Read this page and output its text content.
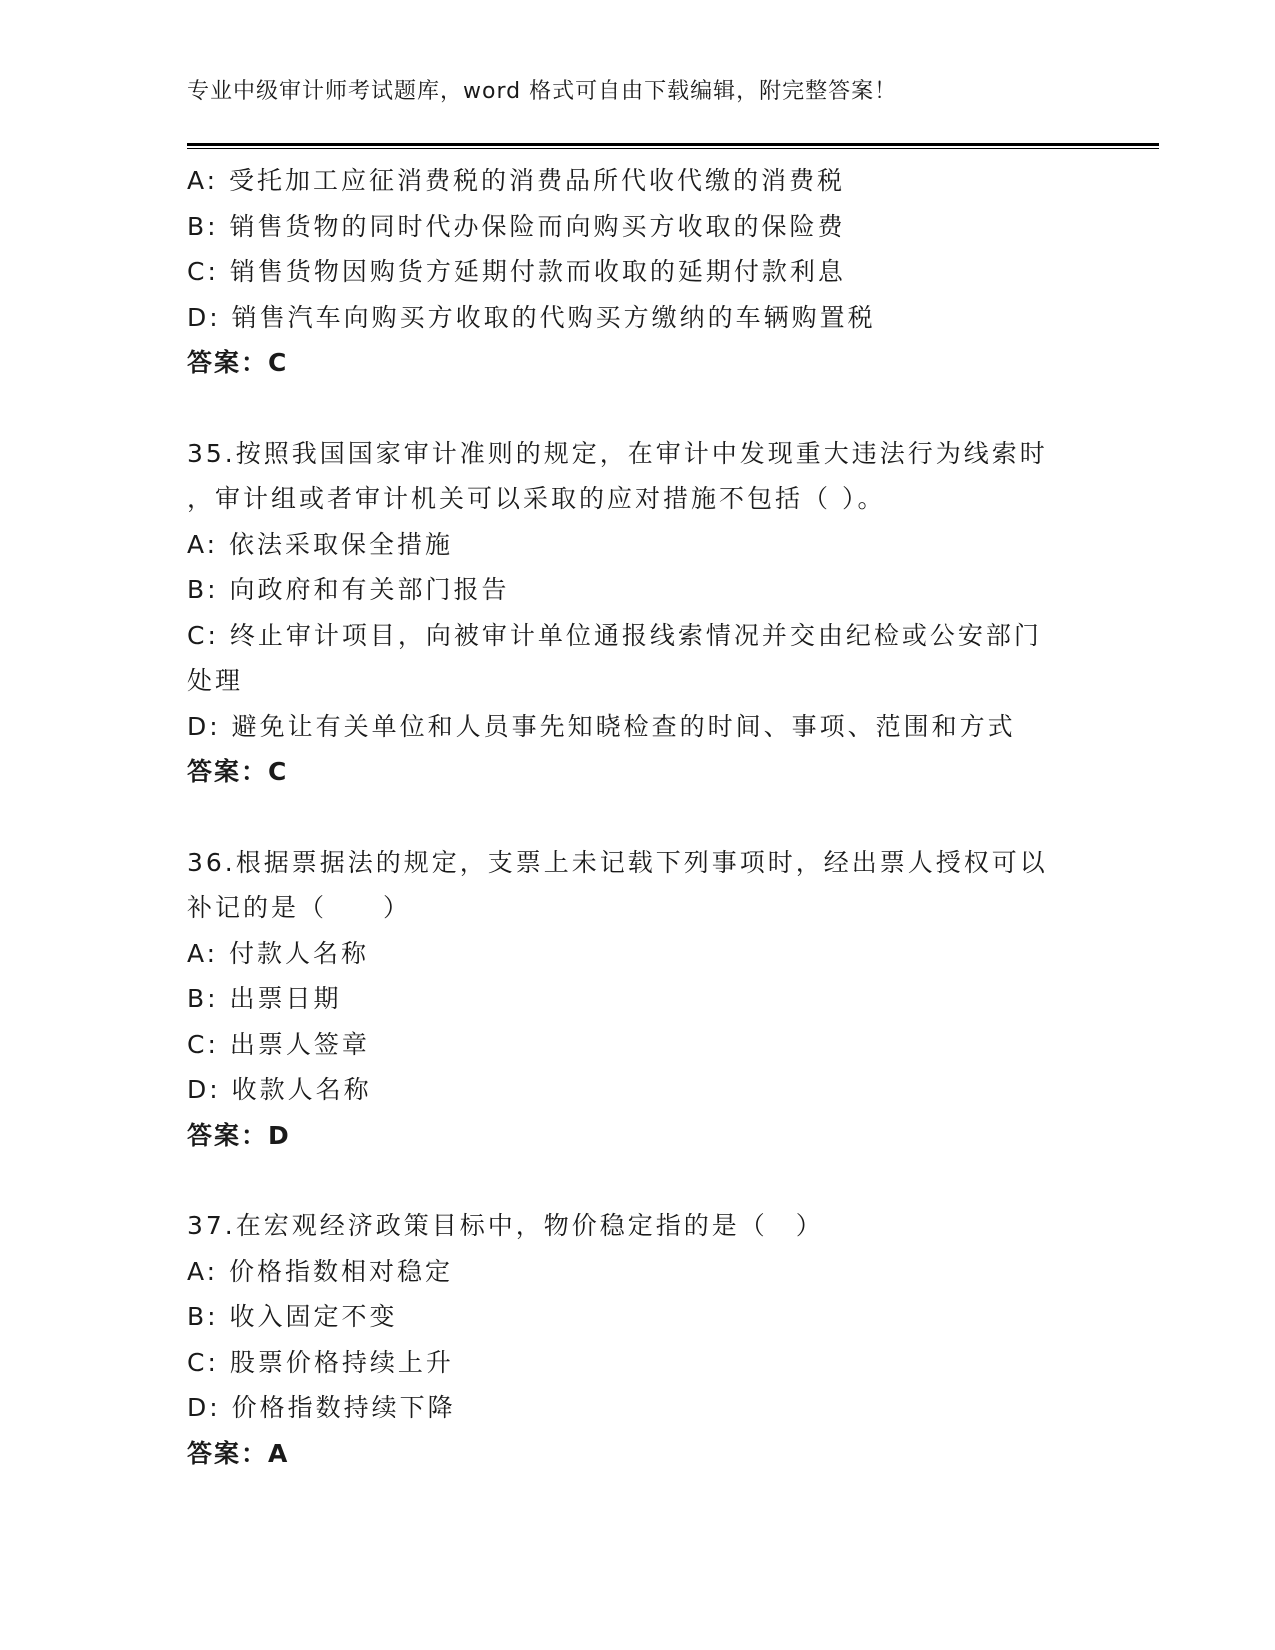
专业中级审计师考试题库，word 格式可自由下载编辑，附完整答案！
A: 受托加工应征消费税的消费品所代收代缴的消费税
B: 销售货物的同时代办保险而向购买方收取的保险费
C: 销售货物因购货方延期付款而收取的延期付款利息
D: 销售汽车向购买方收取的代购买方缴纳的车辆购置税
答案：C
35.按照我国国家审计准则的规定，在审计中发现重大违法行为线索时
，审计组或者审计机关可以采取的应对措施不包括（ ）。
A: 依法采取保全措施
B: 向政府和有关部门报告
C: 终止审计项目，向被审计单位通报线索情况并交由纪检或公安部门
处理
D: 避免让有关单位和人员事先知晓检查的时间、事项、范围和方式
答案：C
36.根据票据法的规定，支票上未记载下列事项时，经出票人授权可以
补记的是（　　）
A: 付款人名称
B: 出票日期
C: 出票人签章
D: 收款人名称
答案：D
37.在宏观经济政策目标中，物价稳定指的是（　）
A: 价格指数相对稳定
B: 收入固定不变
C: 股票价格持续上升
D: 价格指数持续下降
答案：A
